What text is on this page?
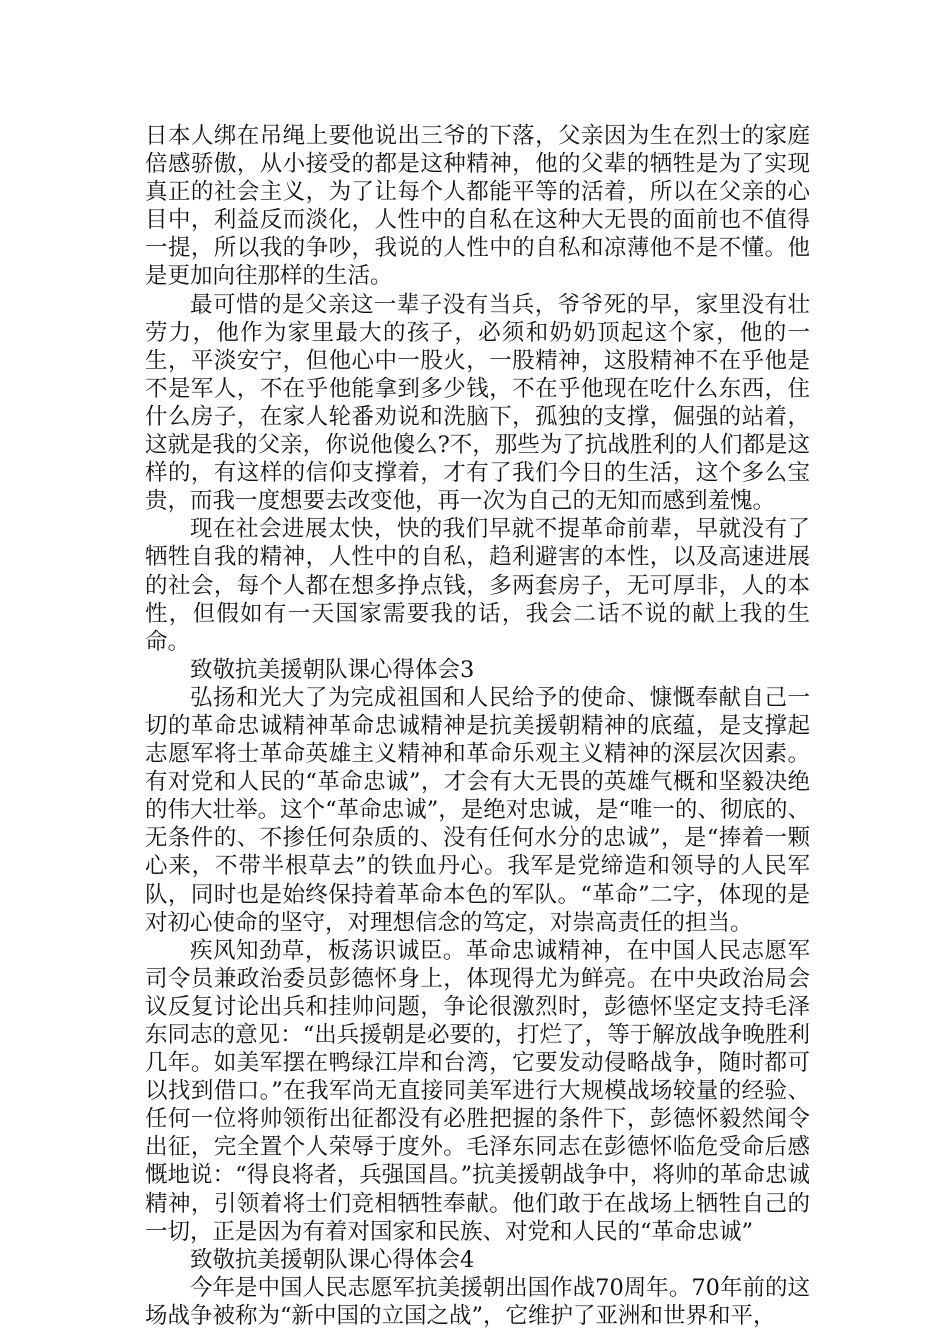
日本人绑在吊绳上要他说出三爷的下落，父亲因为生在烈士的家庭倍感骄傲，从小接受的都是这种精神，他的父辈的牺牲是为了实现真正的社会主义，为了让每个人都能平等的活着，所以在父亲的心目中，利益反而淡化，人性中的自私在这种大无畏的面前也不值得一提，所以我的争吵，我说的人性中的自私和凉薄他不是不懂。他是更加向往那样的生活。

最可惜的是父亲这一辈子没有当兵，爷爷死的早，家里没有壮劳力，他作为家里最大的孩子，必须和奶奶顶起这个家，他的一生，平淡安宁，但他心中一股火，一股精神，这股精神不在乎他是不是军人，不在乎他能拿到多少钱，不在乎他现在吃什么东西，住什么房子，在家人轮番劝说和洗脑下，孤独的支撑，倔强的站着，这就是我的父亲，你说他傻么?不，那些为了抗战胜利的人们都是这样的，有这样的信仰支撑着，才有了我们今日的生活，这个多么宝贵，而我一度想要去改变他，再一次为自己的无知而感到羞愧。

现在社会进展太快，快的我们早就不提革命前辈，早就没有了牺牲自我的精神，人性中的自私，趋利避害的本性，以及高速进展的社会，每个人都在想多挣点钱，多两套房子，无可厚非，人的本性，但假如有一天国家需要我的话，我会二话不说的献上我的生命。

致敬抗美援朝队课心得体会3

弘扬和光大了为完成祖国和人民给予的使命、慷慨奉献自己一切的革命忠诚精神革命忠诚精神是抗美援朝精神的底蕴，是支撑起志愿军将士革命英雄主义精神和革命乐观主义精神的深层次因素。有对党和人民的“革命忠诚”，才会有大无畏的英雄气概和坚毅决绝的伟大壮举。这个“革命忠诚”，是绝对忠诚，是“唯一的、彻底的、无条件的、不掺任何杂质的、没有任何水分的忠诚”，是“捧着一颗心来，不带半根草去”的铁血丹心。我军是党缔造和领导的人民军队，同时也是始终保持着革命本色的军队。“革命”二字，体现的是对初心使命的坚守，对理想信念的笃定，对崇高责任的担当。

疾风知劲草，板荡识诚臣。革命忠诚精神，在中国人民志愿军司令员兼政治委员彭德怀身上，体现得尤为鲜亮。在中央政治局会议反复讨论出兵和挂帅问题，争论很激烈时，彭德怀坚定支持毛泽东同志的意见：“出兵援朝是必要的，打烂了，等于解放战争晚胜利几年。如美军摆在鸭绿江岸和台湾，它要发动侵略战争，随时都可以找到借口。”在我军尚无直接同美军进行大规模战场较量的经验、任何一位将帅领衔出征都没有必胜把握的条件下，彭德怀毅然闻令出征，完全置个人荣辱于度外。毛泽东同志在彭德怀临危受命后感慨地说：“得良将者，兵强国昌。”抗美援朝战争中，将帅的革命忠诚精神，引领着将士们竞相牺牲奉献。他们敢于在战场上牺牲自己的一切，正是因为有着对国家和民族、对党和人民的“革命忠诚”

致敬抗美援朝队课心得体会4

今年是中国人民志愿军抗美援朝出国作战70周年。70年前的这场战争被称为“新中国的立国之战”，它维护了亚洲和世界和平，
